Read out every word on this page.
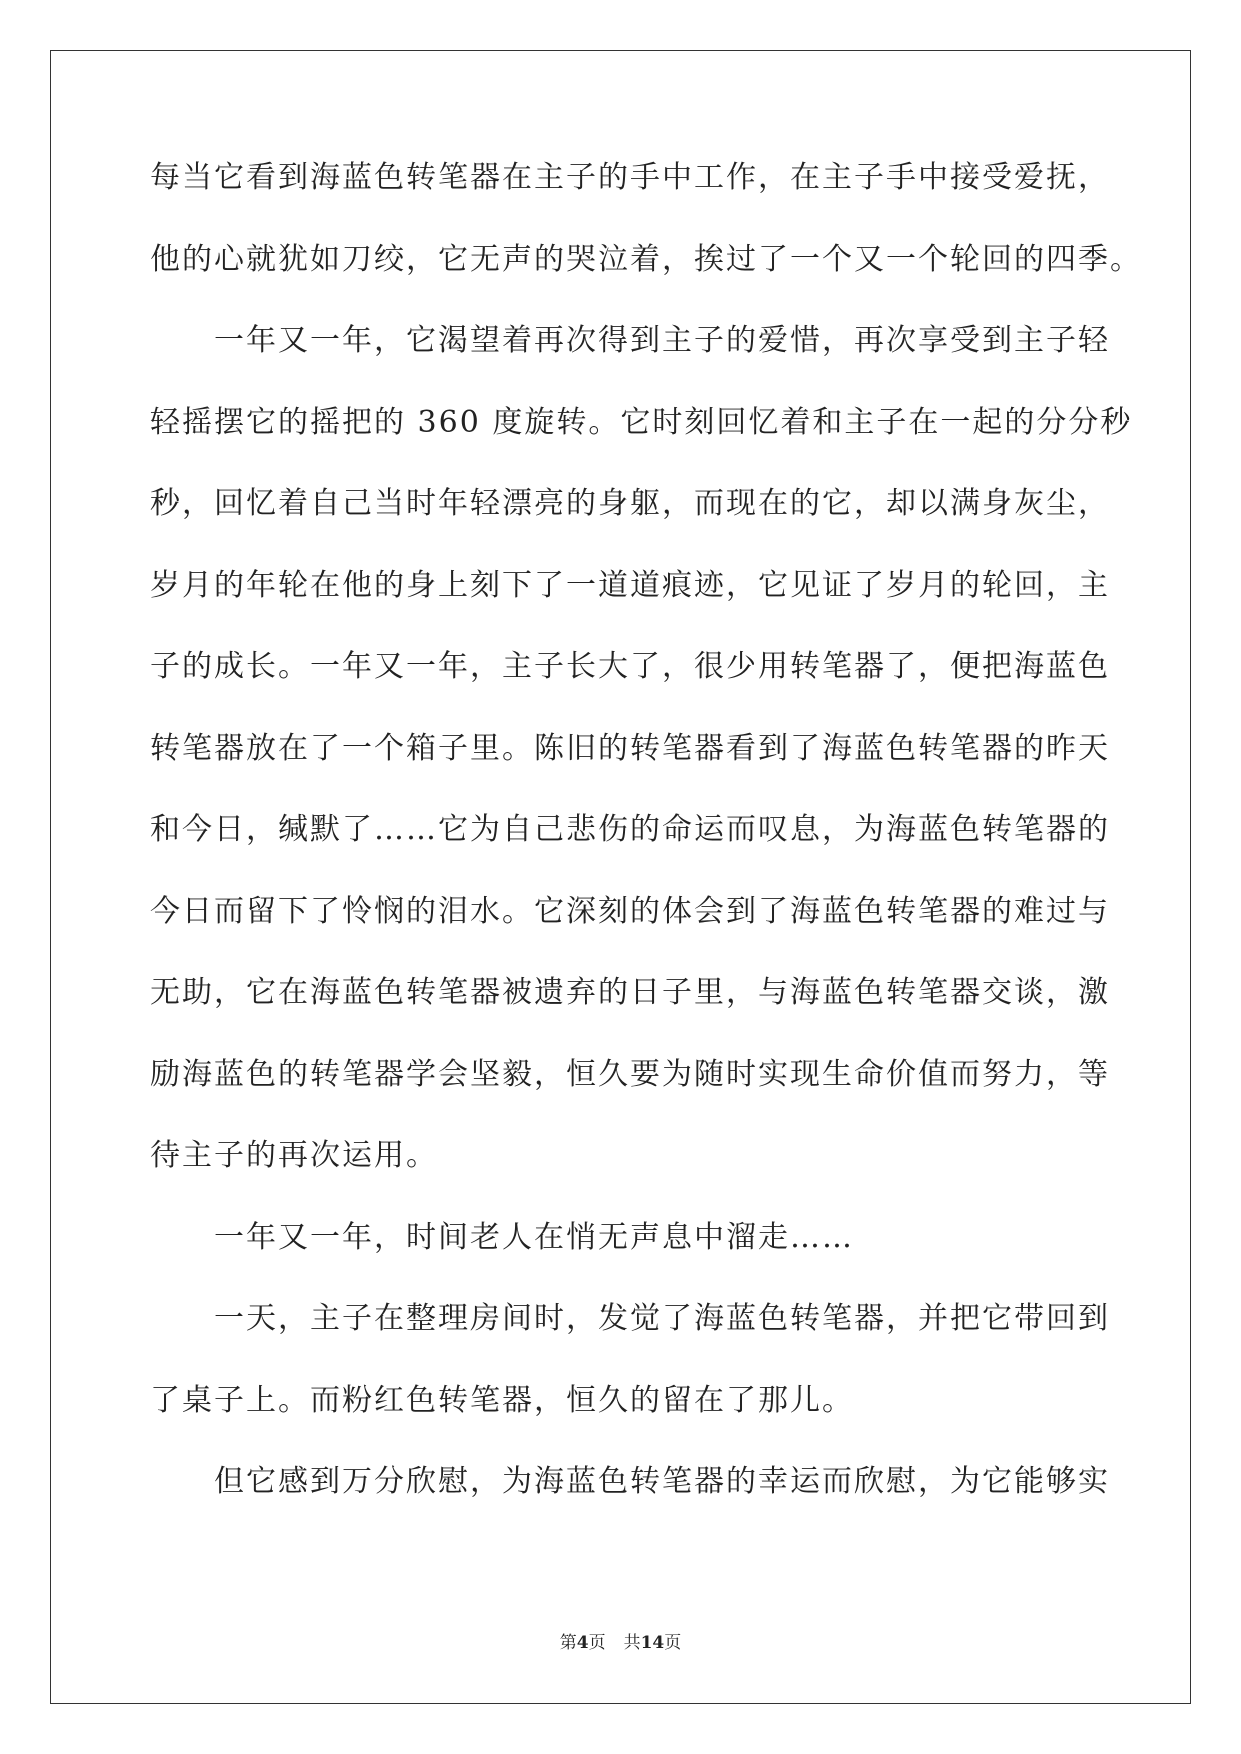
每当它看到海蓝色转笔器在主子的手中工作，在主子手中接受爱抚，
他的心就犹如刀绞，它无声的哭泣着，挨过了一个又一个轮回的四季。
一年又一年，它渴望着再次得到主子的爱惜，再次享受到主子轻
轻摇摆它的摇把的 360 度旋转。它时刻回忆着和主子在一起的分分秒
秒，回忆着自己当时年轻漂亮的身躯，而现在的它，却以满身灰尘，
岁月的年轮在他的身上刻下了一道道痕迹，它见证了岁月的轮回，主
子的成长。一年又一年，主子长大了，很少用转笔器了，便把海蓝色
转笔器放在了一个箱子里。陈旧的转笔器看到了海蓝色转笔器的昨天
和今日，缄默了……它为自己悲伤的命运而叹息，为海蓝色转笔器的
今日而留下了怜悯的泪水。它深刻的体会到了海蓝色转笔器的难过与
无助，它在海蓝色转笔器被遗弃的日子里，与海蓝色转笔器交谈，激
励海蓝色的转笔器学会坚毅，恒久要为随时实现生命价值而努力，等
待主子的再次运用。
一年又一年，时间老人在悄无声息中溜走……
一天，主子在整理房间时，发觉了海蓝色转笔器，并把它带回到
了桌子上。而粉红色转笔器，恒久的留在了那儿。
但它感到万分欣慰，为海蓝色转笔器的幸运而欣慰，为它能够实
第4页 共14页
